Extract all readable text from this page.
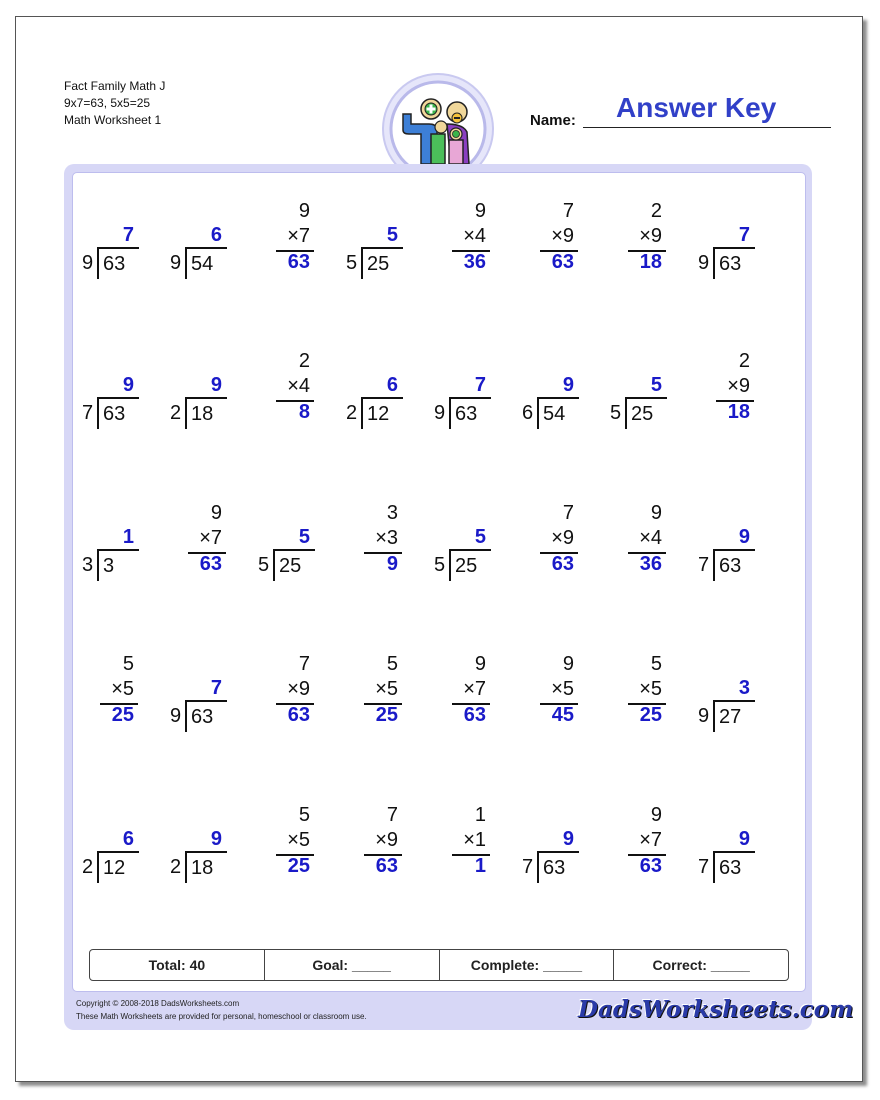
Fact Family Math J
9x7=63, 5x5=25
Math Worksheet 1	Name: Answer Key
7
9 63
6
9 54
9
×7
63
5
5 25
9
×4
36
7
×9
63
2
×9
18
7
9 63
9
7 63
9
2 18
2
×4
8
6
2 12
7
9 63
9
6 54
5
5 25
2
×9
18
1
3 3
9
×7
63
5
5 25
3
×3
9
5
5 25
7
×9
63
9
×4
36
9
7 63
5
×5
25
7
9 63
7
×9
63
5
×5
25
9
×7
63
9
×5
45
5
×5
25
3
9 27
6
2 12
9
2 18
5
×5
25
7
×9
63
1
×1
1
9
7 63
9
×7
63
9
7 63
Total: 40	Goal: _____	Complete: _____	Correct: _____
Copyright © 2008-2018 DadsWorksheets.com
These Math Worksheets are provided for personal, homeschool or classroom use.	DadsWorksheets.com
